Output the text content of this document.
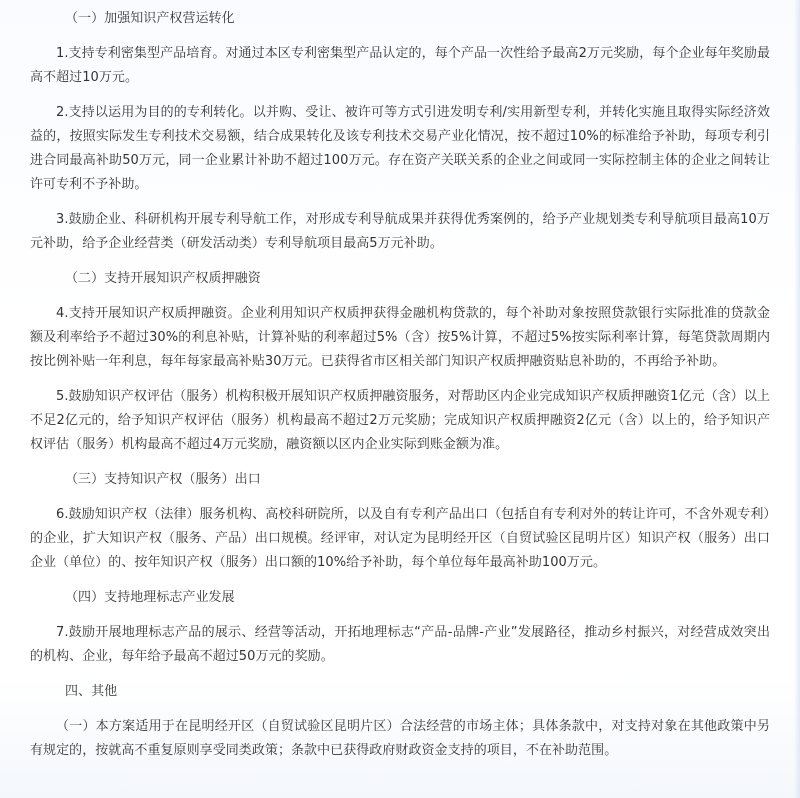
（一）加强知识产权营运转化

1.支持专利密集型产品培育。对通过本区专利密集型产品认定的，每个产品一次性给予最高2万元奖励，每个企业每年奖励最高不超过10万元。

2.支持以运用为目的的专利转化。以并购、受让、被许可等方式引进发明专利/实用新型专利，并转化实施且取得实际经济效益的，按照实际发生专利技术交易额，结合成果转化及该专利技术交易产业化情况，按不超过10%的标准给予补助，每项专利引进合同最高补助50万元，同一企业累计补助不超过100万元。存在资产关联关系的企业之间或同一实际控制主体的企业之间转让许可专利不予补助。

3.鼓励企业、科研机构开展专利导航工作，对形成专利导航成果并获得优秀案例的，给予产业规划类专利导航项目最高10万元补助，给予企业经营类（研发活动类）专利导航项目最高5万元补助。

（二）支持开展知识产权质押融资

4.支持开展知识产权质押融资。企业利用知识产权质押获得金融机构贷款的，每个补助对象按照贷款银行实际批准的贷款金额及利率给予不超过30%的利息补贴，计算补贴的利率超过5%（含）按5%计算，不超过5%按实际利率计算，每笔贷款周期内按比例补贴一年利息，每年每家最高补贴30万元。已获得省市区相关部门知识产权质押融资贴息补助的，不再给予补助。

5.鼓励知识产权评估（服务）机构积极开展知识产权质押融资服务，对帮助区内企业完成知识产权质押融资1亿元（含）以上不足2亿元的，给予知识产权评估（服务）机构最高不超过2万元奖励；完成知识产权质押融资2亿元（含）以上的，给予知识产权评估（服务）机构最高不超过4万元奖励，融资额以区内企业实际到账金额为准。

（三）支持知识产权（服务）出口

6.鼓励知识产权（法律）服务机构、高校科研院所，以及自有专利产品出口（包括自有专利对外的转让许可，不含外观专利）的企业，扩大知识产权（服务、产品）出口规模。经评审，对认定为昆明经开区（自贸试验区昆明片区）知识产权（服务）出口企业（单位）的、按年知识产权（服务）出口额的10%给予补助，每个单位每年最高补助100万元。

（四）支持地理标志产业发展

7.鼓励开展地理标志产品的展示、经营等活动，开拓地理标志“产品-品牌-产业”发展路径，推动乡村振兴，对经营成效突出的机构、企业，每年给予最高不超过50万元的奖励。

四、其他

（一）本方案适用于在昆明经开区（自贸试验区昆明片区）合法经营的市场主体；具体条款中，对支持对象在其他政策中另有规定的，按就高不重复原则享受同类政策；条款中已获得政府财政资金支持的项目，不在补助范围。
